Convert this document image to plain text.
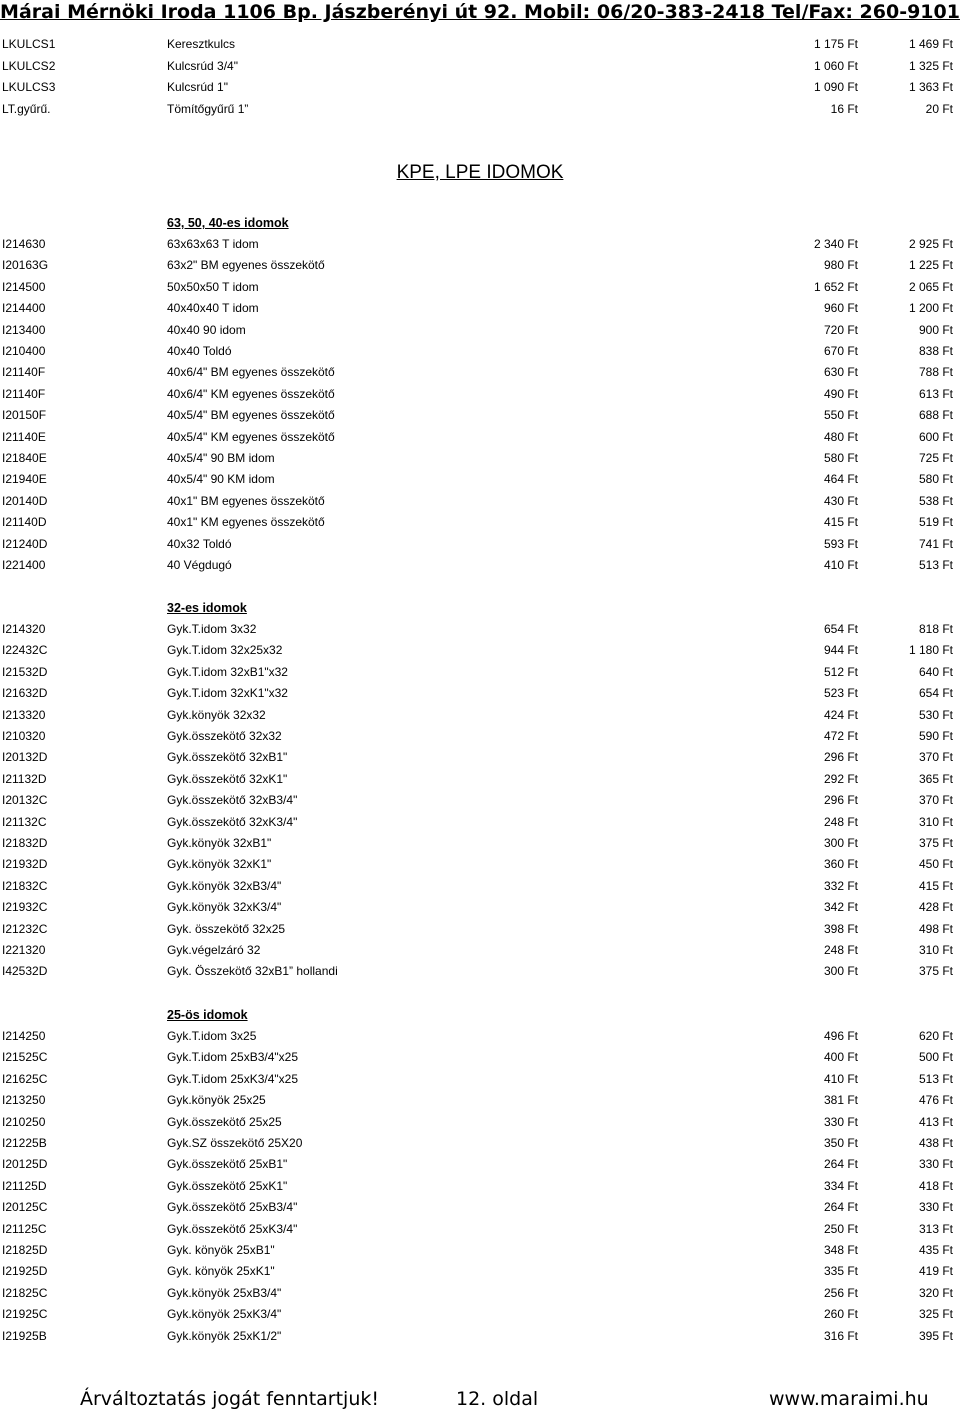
Márai Mérnöki Iroda 1106 Bp. Jászberényi út 92. Mobil: 06/20-383-2418 Tel/Fax: 260-9101
LKULCS1	Keresztkulcs	1 175 Ft	1 469 Ft
LKULCS2	Kulcsrúd 3/4"	1 060 Ft	1 325 Ft
LKULCS3	Kulcsrúd 1"	1 090 Ft	1 363 Ft
LT.gyűrű.	Tömítőgyűrű 1”	16 Ft	20 Ft
KPE, LPE IDOMOK
63, 50, 40-es idomok
I214630	63x63x63 T idom	2 340 Ft	2 925 Ft
I20163G	63x2" BM egyenes összekötő	980 Ft	1 225 Ft
I214500	50x50x50 T idom	1 652 Ft	2 065 Ft
I214400	40x40x40 T idom	960 Ft	1 200 Ft
I213400	40x40 90 idom	720 Ft	900 Ft
I210400	40x40 Toldó	670 Ft	838 Ft
I21140F	40x6/4" BM egyenes összekötő	630 Ft	788 Ft
I21140F	40x6/4" KM egyenes összekötő	490 Ft	613 Ft
I20150F	40x5/4" BM egyenes összekötő	550 Ft	688 Ft
I21140E	40x5/4" KM egyenes összekötő	480 Ft	600 Ft
I21840E	40x5/4" 90 BM idom	580 Ft	725 Ft
I21940E	40x5/4" 90 KM idom	464 Ft	580 Ft
I20140D	40x1" BM egyenes összekötő	430 Ft	538 Ft
I21140D	40x1" KM egyenes összekötő	415 Ft	519 Ft
I21240D	40x32 Toldó	593 Ft	741 Ft
I221400	40 Végdugó	410 Ft	513 Ft
32-es idomok
I214320	Gyk.T.idom 3x32	654 Ft	818 Ft
I22432C	Gyk.T.idom 32x25x32	944 Ft	1 180 Ft
I21532D	Gyk.T.idom 32xB1"x32	512 Ft	640 Ft
I21632D	Gyk.T.idom 32xK1"x32	523 Ft	654 Ft
I213320	Gyk.könyök 32x32	424 Ft	530 Ft
I210320	Gyk.összekötő 32x32	472 Ft	590 Ft
I20132D	Gyk.összekötő 32xB1"	296 Ft	370 Ft
I21132D	Gyk.összekötő 32xK1"	292 Ft	365 Ft
I20132C	Gyk.összekötő 32xB3/4"	296 Ft	370 Ft
I21132C	Gyk.összekötő 32xK3/4"	248 Ft	310 Ft
I21832D	Gyk.könyök 32xB1"	300 Ft	375 Ft
I21932D	Gyk.könyök 32xK1"	360 Ft	450 Ft
I21832C	Gyk.könyök 32xB3/4"	332 Ft	415 Ft
I21932C	Gyk.könyök 32xK3/4"	342 Ft	428 Ft
I21232C	Gyk. összekötő 32x25	398 Ft	498 Ft
I221320	Gyk.végelzáró 32	248 Ft	310 Ft
I42532D	Gyk. Összekötő 32xB1” hollandi	300 Ft	375 Ft
25-ös idomok
I214250	Gyk.T.idom 3x25	496 Ft	620 Ft
I21525C	Gyk.T.idom 25xB3/4"x25	400 Ft	500 Ft
I21625C	Gyk.T.idom 25xK3/4"x25	410 Ft	513 Ft
I213250	Gyk.könyök 25x25	381 Ft	476 Ft
I210250	Gyk.összekötő 25x25	330 Ft	413 Ft
I21225B	Gyk.SZ összekötő 25X20	350 Ft	438 Ft
I20125D	Gyk.összekötő 25xB1"	264 Ft	330 Ft
I21125D	Gyk.összekötő 25xK1"	334 Ft	418 Ft
I20125C	Gyk.összekötő 25xB3/4"	264 Ft	330 Ft
I21125C	Gyk.összekötő 25xK3/4"	250 Ft	313 Ft
I21825D	Gyk. könyök 25xB1"	348 Ft	435 Ft
I21925D	Gyk. könyök 25xK1"	335 Ft	419 Ft
I21825C	Gyk.könyök 25xB3/4"	256 Ft	320 Ft
I21925C	Gyk.könyök 25xK3/4"	260 Ft	325 Ft
I21925B	Gyk.könyök 25xK1/2"	316 Ft	395 Ft
Árváltoztatás jogát fenntartjuk!	12. oldal	www.maraimi.hu
